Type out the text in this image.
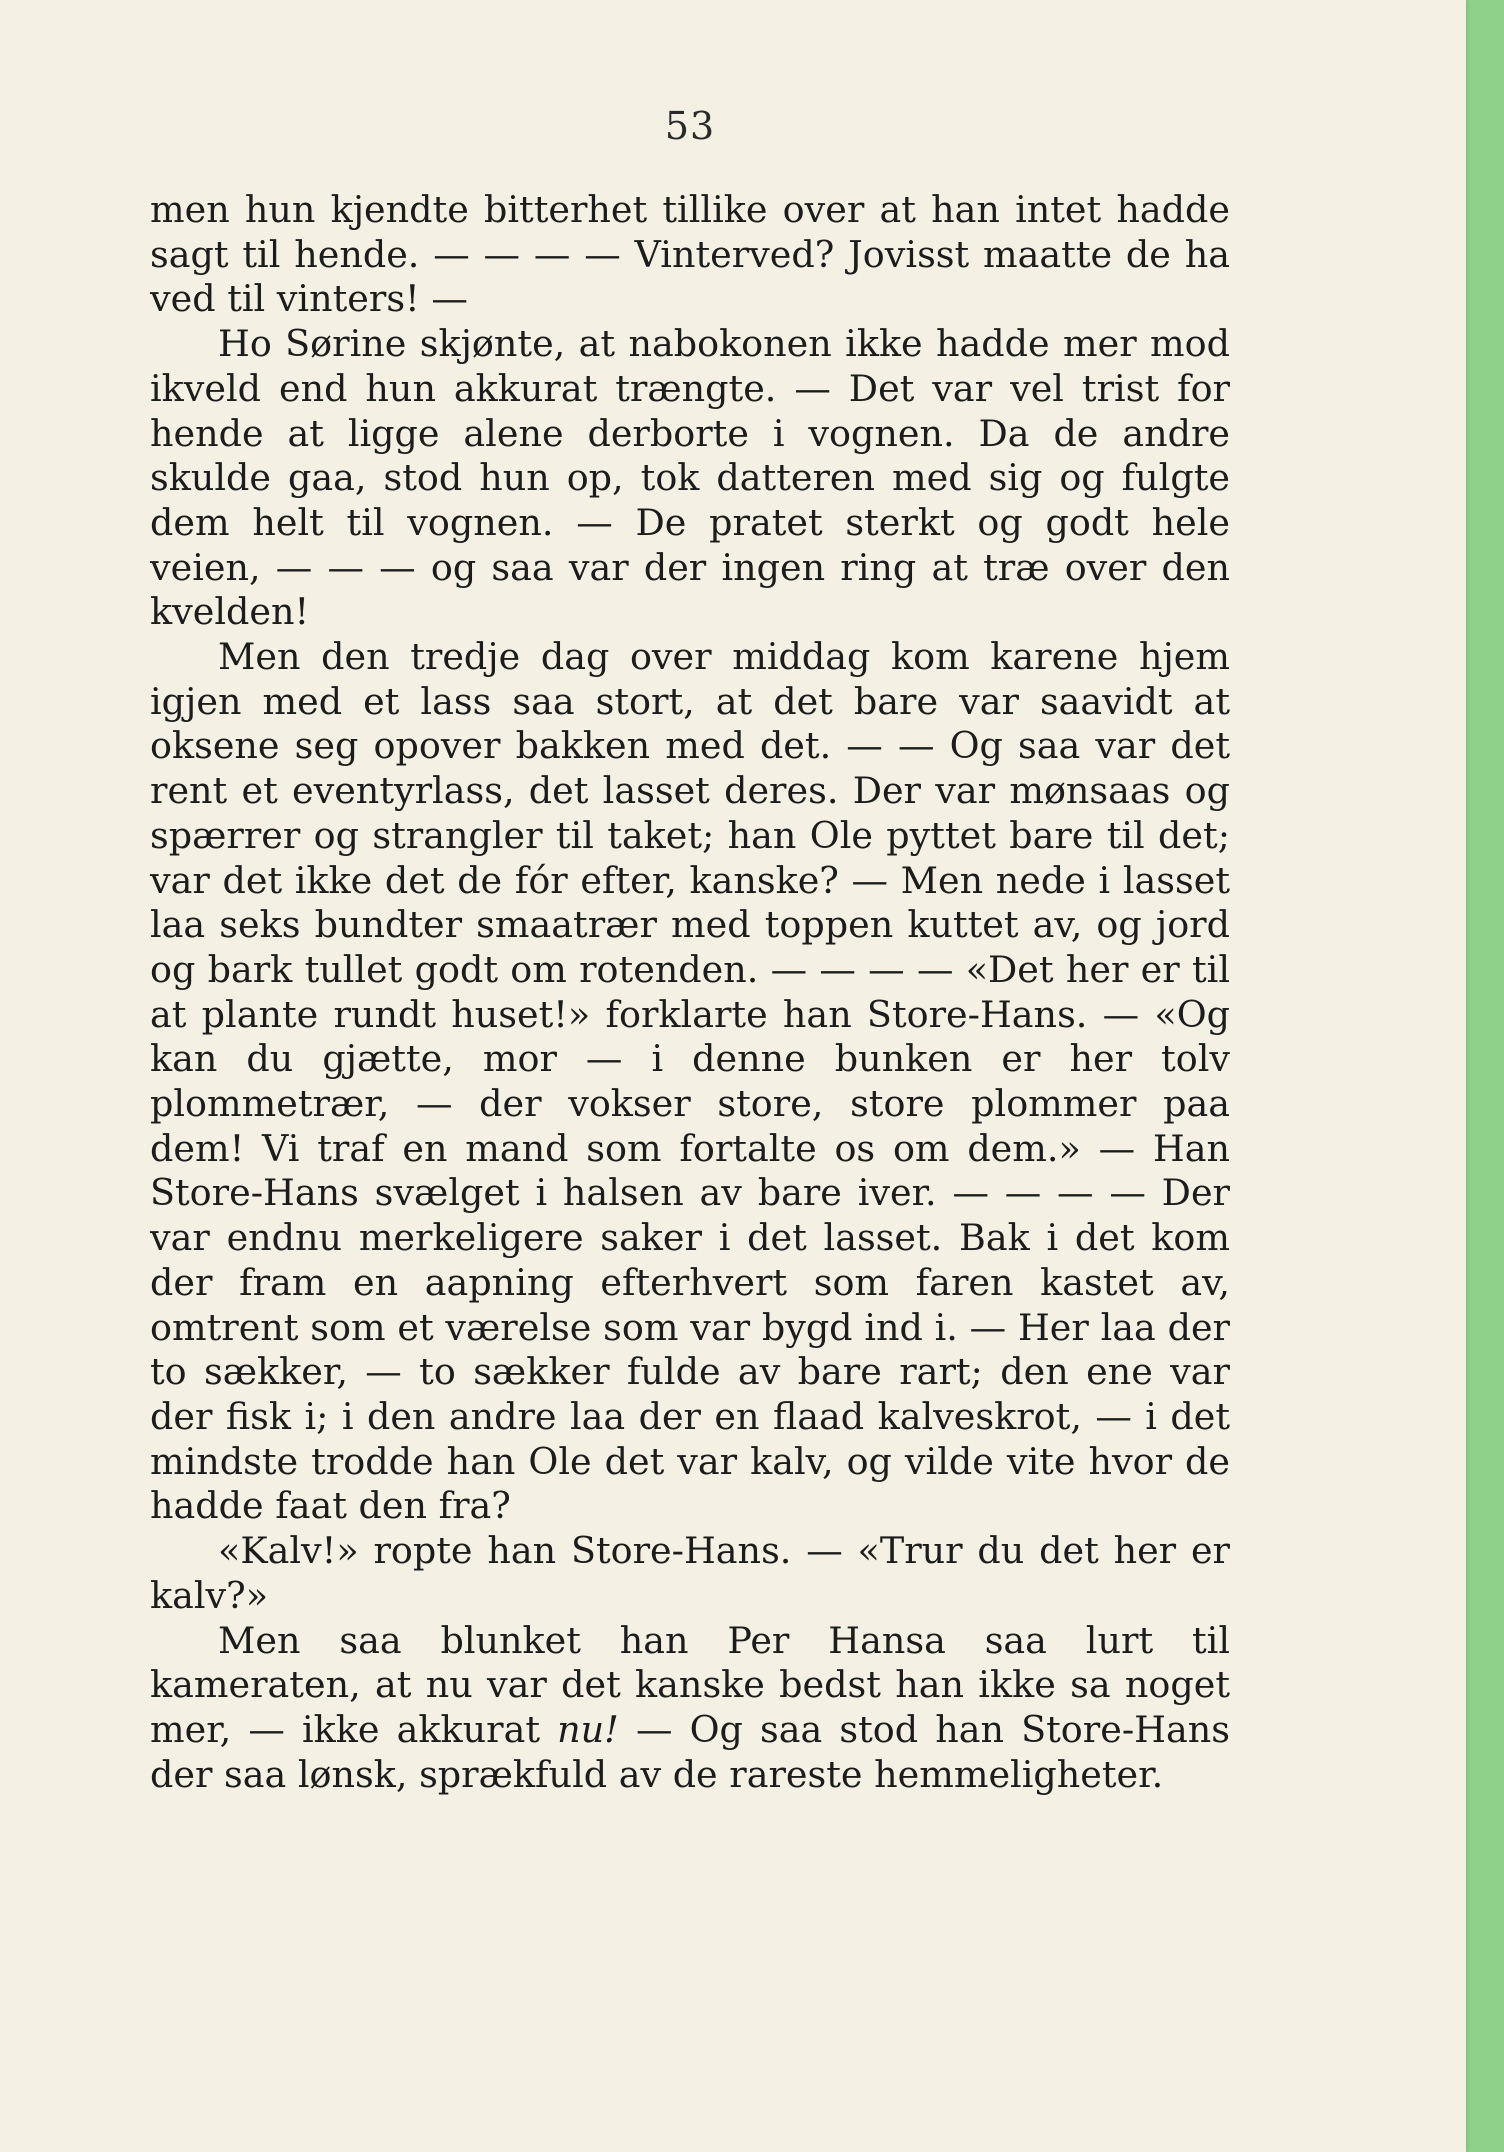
53

men hun kjendte bitterhet tillike over at han intet hadde sagt til hende. — — — — Vinterved? Jovisst maatte de ha ved til vinters! —

Ho Sørine skjønte, at nabokonen ikke hadde mer mod ikveld end hun akkurat trængte. — Det var vel trist for hende at ligge alene derborte i vognen. Da de andre skulde gaa, stod hun op, tok datteren med sig og fulgte dem helt til vognen. — De pratet sterkt og godt hele veien, — — — og saa var der ingen ring at træ over den kvelden!

Men den tredje dag over middag kom karene hjem igjen med et lass saa stort, at det bare var saavidt at oksene seg opover bakken med det. — — Og saa var det rent et eventyrlass, det lasset deres. Der var mønsaas og spærrer og strangler til taket; han Ole pyttet bare til det; var det ikke det de fór efter, kanske? — Men nede i lasset laa seks bundter smaatrær med toppen kuttet av, og jord og bark tullet godt om rotenden. — — — — «Det her er til at plante rundt huset!» forklarte han Store-Hans. — «Og kan du gjætte, mor — i denne bunken er her tolv plommetrær, — der vokser store, store plommer paa dem! Vi traf en mand som fortalte os om dem.» — Han Store-Hans svælget i halsen av bare iver. — — — — Der var endnu merkeligere saker i det lasset. Bak i det kom der fram en aapning efterhvert som faren kastet av, omtrent som et værelse som var bygd ind i. — Her laa der to sækker, — to sækker fulde av bare rart; den ene var der fisk i; i den andre laa der en flaad kalveskrot, — i det mindste trodde han Ole det var kalv, og vilde vite hvor de hadde faat den fra?

«Kalv!» ropte han Store-Hans. — «Trur du det her er kalv?»

Men saa blunket han Per Hansa saa lurt til kameraten, at nu var det kanske bedst han ikke sa noget mer, — ikke akkurat nu! — Og saa stod han Store-Hans der saa lønsk, sprækfuld av de rareste hemmeligheter.
